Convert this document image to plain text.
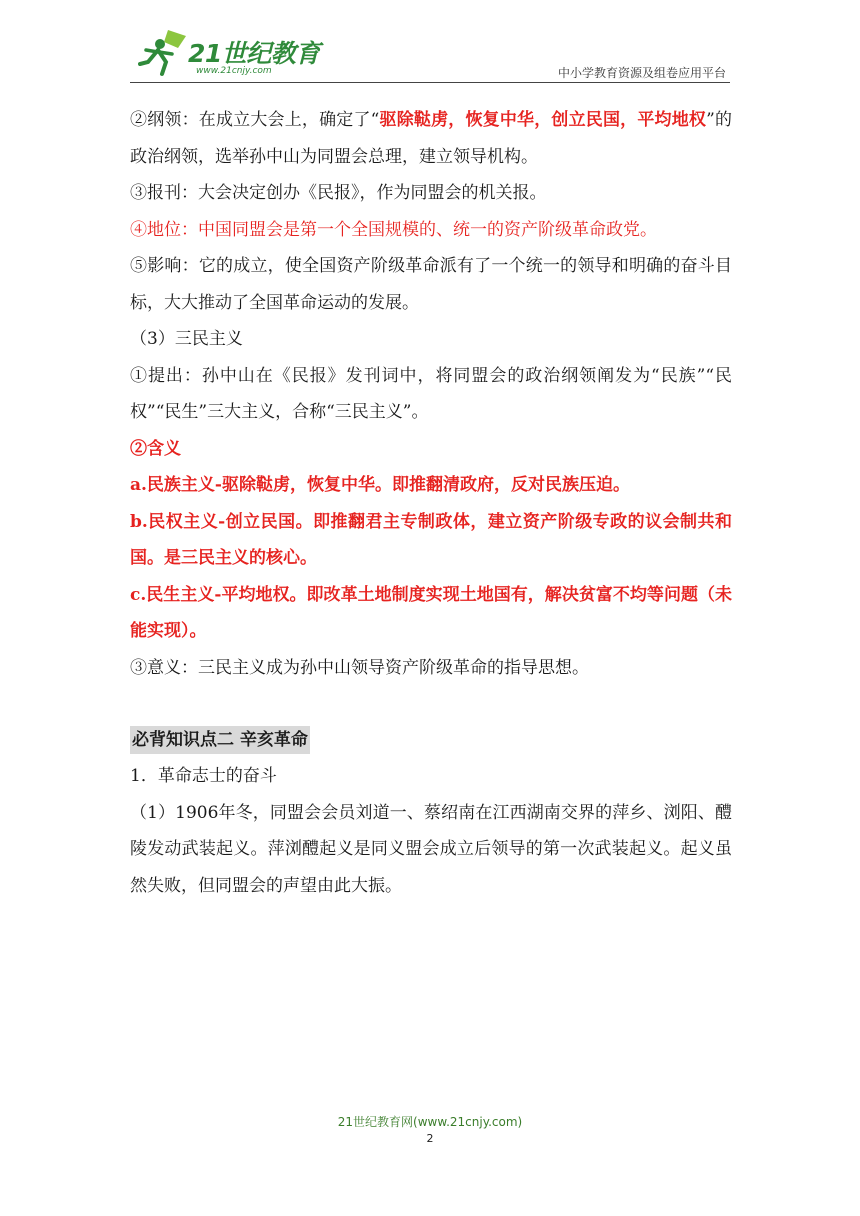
21世纪教育
www.21cnjy.com	中小学教育资源及组卷应用平台

②纲领：在成立大会上，确定了“驱除鞑虏，恢复中华，创立民国，平均地权”的政治纲领，选举孙中山为同盟会总理，建立领导机构。

③报刊：大会决定创办《民报》，作为同盟会的机关报。

④地位：中国同盟会是第一个全国规模的、统一的资产阶级革命政党。

⑤影响：它的成立，使全国资产阶级革命派有了一个统一的领导和明确的奋斗目标，大大推动了全国革命运动的发展。

（3）三民主义

①提出：孙中山在《民报》发刊词中，将同盟会的政治纲领阐发为“民族”“民权”“民生”三大主义，合称“三民主义”。

②含义

a.民族主义-驱除鞑虏，恢复中华。即推翻清政府，反对民族压迫。

b.民权主义-创立民国。即推翻君主专制政体，建立资产阶级专政的议会制共和国。是三民主义的核心。

c.民生主义-平均地权。即改革土地制度实现土地国有，解决贫富不均等问题（未能实现）。

③意义：三民主义成为孙中山领导资产阶级革命的指导思想。

必背知识点二 辛亥革命

1．革命志士的奋斗

（1）1906年冬，同盟会会员刘道一、蔡绍南在江西湖南交界的萍乡、浏阳、醴陵发动武装起义。萍浏醴起义是同义盟会成立后领导的第一次武装起义。起义虽然失败，但同盟会的声望由此大振。

21世纪教育网(www.21cnjy.com)
2
